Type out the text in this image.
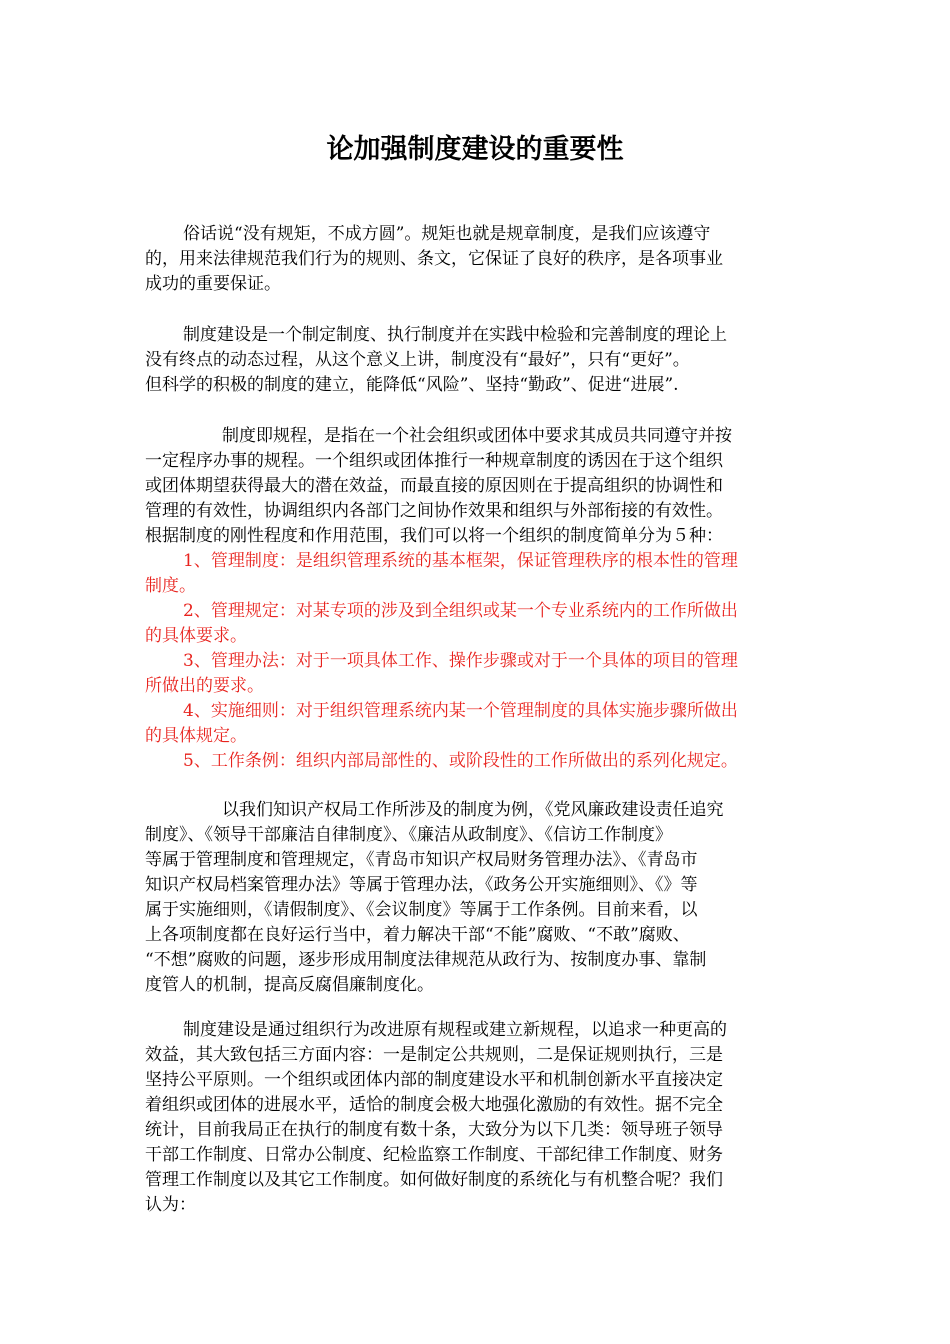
论加强制度建设的重要性

俗话说“没有规矩，不成方圆”。规矩也就是规章制度，是我们应该遵守
的，用来法律规范我们行为的规则、条文，它保证了良好的秩序，是各项事业
成功的重要保证。

制度建设是一个制定制度、执行制度并在实践中检验和完善制度的理论上
没有终点的动态过程，从这个意义上讲，制度没有“最好”，只有“更好”。
但科学的积极的制度的建立，能降低“风险”、坚持“勤政”、促进“进展”.

制度即规程，是指在一个社会组织或团体中要求其成员共同遵守并按
一定程序办事的规程。一个组织或团体推行一种规章制度的诱因在于这个组织
或团体期望获得最大的潜在效益，而最直接的原因则在于提高组织的协调性和
管理的有效性，协调组织内各部门之间协作效果和组织与外部衔接的有效性。
根据制度的刚性程度和作用范围，我们可以将一个组织的制度简单分为５种：

1、管理制度：是组织管理系统的基本框架，保证管理秩序的根本性的管理
制度。
2、管理规定：对某专项的涉及到全组织或某一个专业系统内的工作所做出
的具体要求。
3、管理办法：对于一项具体工作、操作步骤或对于一个具体的项目的管理
所做出的要求。
4、实施细则：对于组织管理系统内某一个管理制度的具体实施步骤所做出
的具体规定。
5、工作条例：组织内部局部性的、或阶段性的工作所做出的系列化规定。

以我们知识产权局工作所涉及的制度为例，《党风廉政建设责任追究
制度》、《领导干部廉洁自律制度》、《廉洁从政制度》、《信访工作制度》
等属于管理制度和管理规定，《青岛市知识产权局财务管理办法》、《青岛市
知识产权局档案管理办法》等属于管理办法，《政务公开实施细则》、《》等
属于实施细则，《请假制度》、《会议制度》等属于工作条例。目前来看，以
上各项制度都在良好运行当中，着力解决干部“不能”腐败、“不敢”腐败、
“不想”腐败的问题，逐步形成用制度法律规范从政行为、按制度办事、靠制
度管人的机制，提高反腐倡廉制度化。

制度建设是通过组织行为改进原有规程或建立新规程，以追求一种更高的
效益，其大致包括三方面内容：一是制定公共规则，二是保证规则执行，三是
坚持公平原则。一个组织或团体内部的制度建设水平和机制创新水平直接决定
着组织或团体的进展水平，适恰的制度会极大地强化激励的有效性。据不完全
统计，目前我局正在执行的制度有数十条，大致分为以下几类：领导班子领导
干部工作制度、日常办公制度、纪检监察工作制度、干部纪律工作制度、财务
管理工作制度以及其它工作制度。如何做好制度的系统化与有机整合呢？我们
认为：
